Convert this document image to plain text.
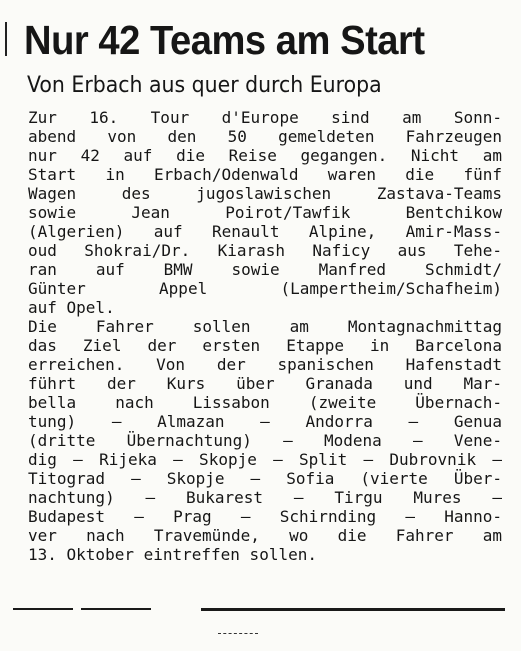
Nur 42 Teams am Start
Von Erbach aus quer durch Europa
Zur 16. Tour d'Europe sind am Sonn-
abend von den 50 gemeldeten Fahrzeugen
nur 42 auf die Reise gegangen. Nicht am
Start in Erbach/Odenwald waren die fünf
Wagen des jugoslawischen Zastava-Teams
sowie Jean Poirot/Tawfik Bentchikow
(Algerien) auf Renault Alpine, Amir-Mass-
oud Shokrai/Dr. Kiarash Naficy aus Tehe-
ran auf BMW sowie Manfred Schmidt/
Günter Appel (Lampertheim/Schafheim)
auf Opel.
Die Fahrer sollen am Montagnachmittag
das Ziel der ersten Etappe in Barcelona
erreichen. Von der spanischen Hafenstadt
führt der Kurs über Granada und Mar-
bella nach Lissabon (zweite Übernach-
tung) — Almazan — Andorra — Genua
(dritte Übernachtung) — Modena — Vene-
dig — Rijeka — Skopje — Split — Dubrovnik —
Titograd — Skopje — Sofia (vierte Über-
nachtung) — Bukarest — Tirgu Mures —
Budapest — Prag — Schirnding — Hanno-
ver nach Travemünde, wo die Fahrer am
13. Oktober eintreffen sollen.
